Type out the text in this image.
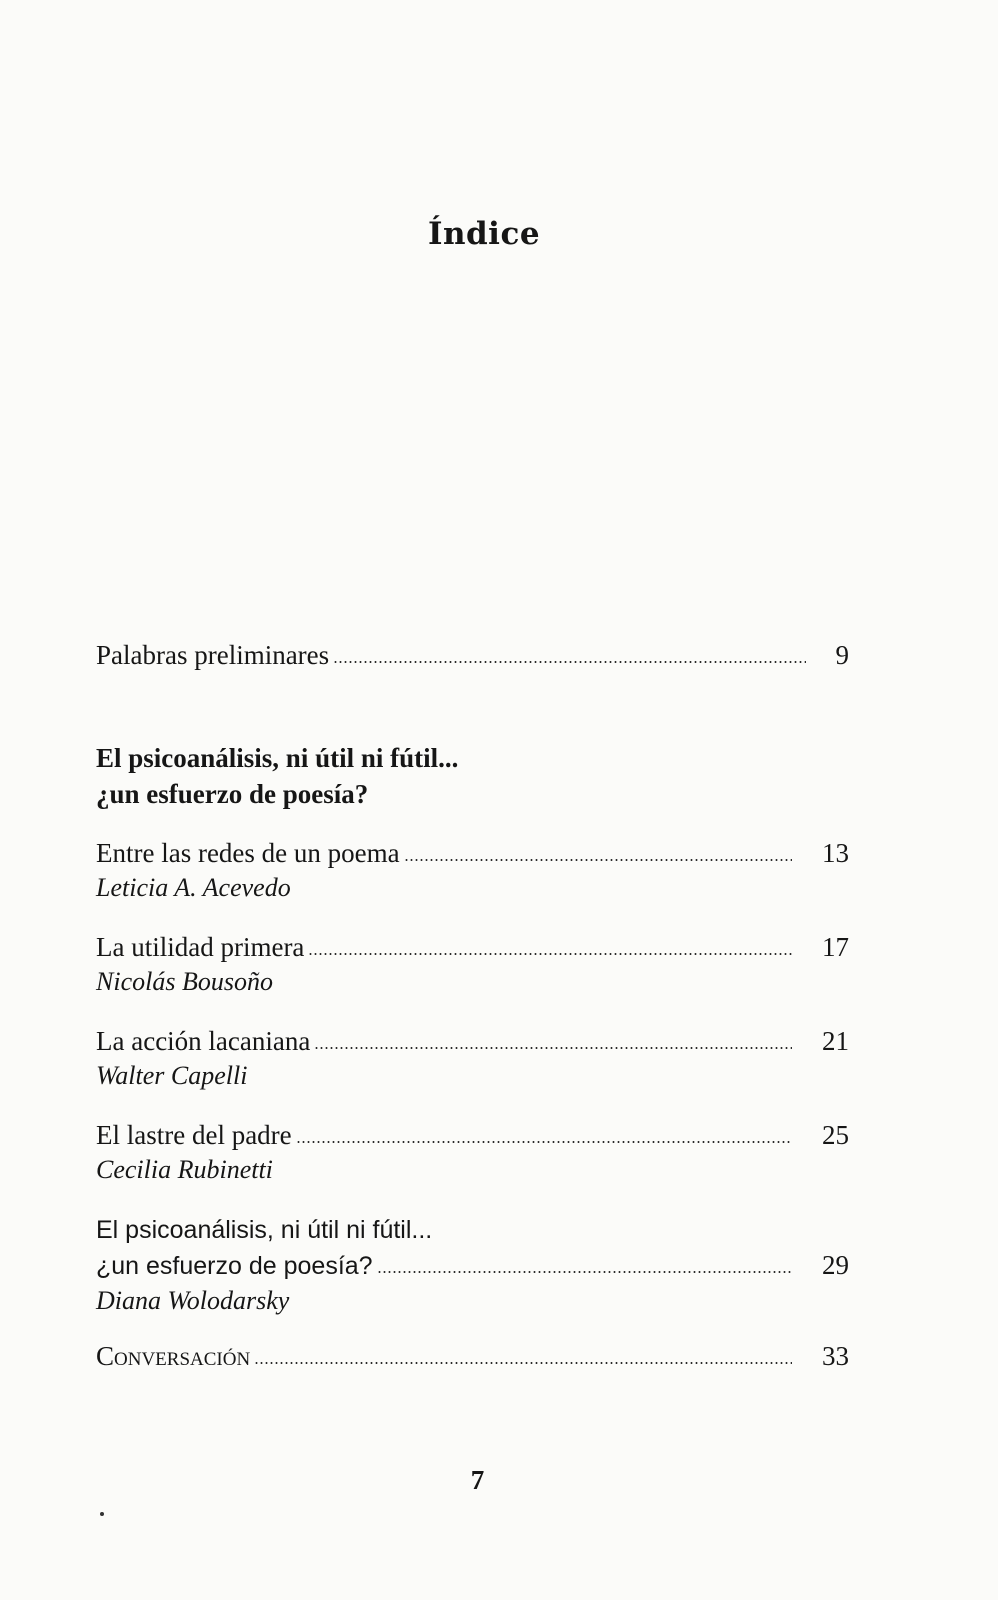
Índice
Palabras preliminares	9
El psicoanálisis, ni útil ni fútil...
¿un esfuerzo de poesía?
Entre las redes de un poema	13
Leticia A. Acevedo
La utilidad primera	17
Nicolás Bousoño
La acción lacaniana	21
Walter Capelli
El lastre del padre	25
Cecilia Rubinetti
El psicoanálisis, ni útil ni fútil...
¿un esfuerzo de poesía?	29
Diana Wolodarsky
Conversación	33
7
